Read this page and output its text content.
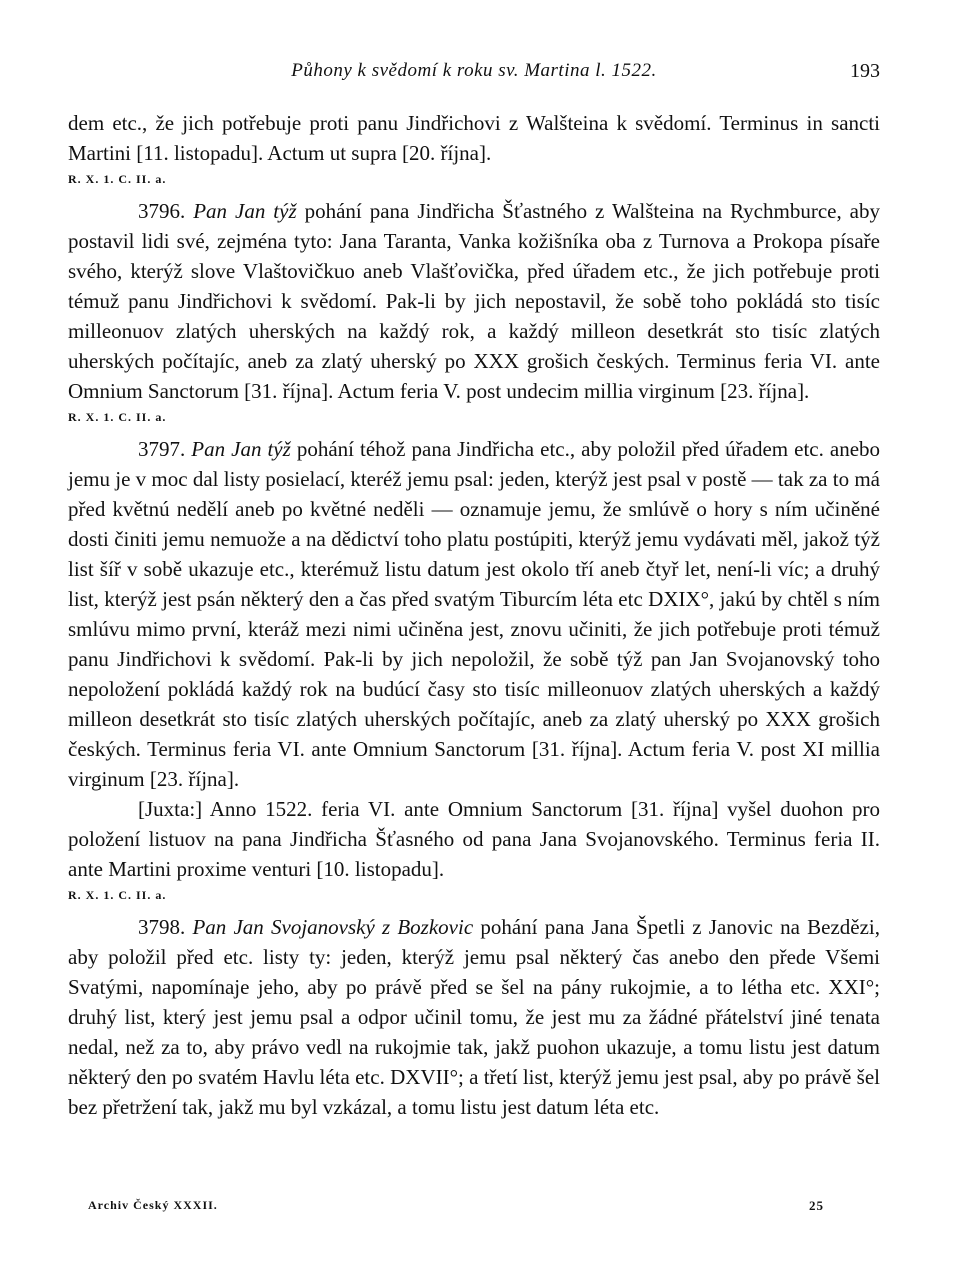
Půhony k svědomí k roku sv. Martina l. 1522.	193

dem etc., že jich potřebuje proti panu Jindřichovi z Walšteina k svědomí. Terminus in sancti Martini [11. listopadu]. Actum ut supra [20. října].

R. X. 1. C. II. a.

3796. Pan Jan týž pohání pana Jindřicha Šťastného z Walšteina na Rychmburce, aby postavil lidi své, zejména tyto: Jana Taranta, Vanka kožišníka oba z Turnova a Prokopa písaře svého, kterýž slove Vlaštovičkuo aneb Vlašťovička, před úřadem etc., že jich potřebuje proti témuž panu Jindřichovi k svědomí. Pak-li by jich nepostavil, že sobě toho pokládá sto tisíc milleonuov zlatých uherských na každý rok, a každý milleon desetkrát sto tisíc zlatých uherských počítajíc, aneb za zlatý uherský po XXX grošich českých. Terminus feria VI. ante Omnium Sanctorum [31. října]. Actum feria V. post undecim millia virginum [23. října].

R. X. 1. C. II. a.

3797. Pan Jan týž pohání téhož pana Jindřicha etc., aby položil před úřadem etc. anebo jemu je v moc dal listy posielací, kteréž jemu psal: jeden, kterýž jest psal v postě — tak za to má před květnú nedělí aneb po květné neděli — oznamuje jemu, že smlúvě o hory s ním učiněné dosti činiti jemu nemuože a na dědictví toho platu postúpiti, kterýž jemu vydávati měl, jakož týž list šíř v sobě ukazuje etc., kterémuž listu datum jest okolo tří aneb čtyř let, není-li víc; a druhý list, kterýž jest psán některý den a čas před svatým Tiburcím léta etc DXIX°, jakú by chtěl s ním smlúvu mimo první, kteráž mezi nimi učiněna jest, znovu učiniti, že jich potřebuje proti témuž panu Jindřichovi k svědomí. Pak-li by jich nepoložil, že sobě týž pan Jan Svojanovský toho nepoložení pokládá každý rok na budúcí časy sto tisíc milleonuov zlatých uherských a každý milleon desetkrát sto tisíc zlatých uherských počítajíc, aneb za zlatý uherský po XXX grošich českých. Terminus feria VI. ante Omnium Sanctorum [31. října]. Actum feria V. post XI millia virginum [23. října].

[Juxta:] Anno 1522. feria VI. ante Omnium Sanctorum [31. října] vyšel duohon pro položení listuov na pana Jindřicha Šťasného od pana Jana Svojanovského. Terminus feria II. ante Martini proxime venturi [10. listopadu].

R. X. 1. C. II. a.

3798. Pan Jan Svojanovský z Bozkovic pohání pana Jana Špetli z Janovic na Bezdězi, aby položil před etc. listy ty: jeden, kterýž jemu psal některý čas anebo den přede Všemi Svatými, napomínaje jeho, aby po právě před se šel na pány rukojmie, a to létha etc. XXI°; druhý list, který jest jemu psal a odpor učinil tomu, že jest mu za žádné přátelství jiné tenata nedal, než za to, aby právo vedl na rukojmie tak, jakž puohon ukazuje, a tomu listu jest datum některý den po svatém Havlu léta etc. DXVII°; a třetí list, kterýž jemu jest psal, aby po právě šel bez přetržení tak, jakž mu byl vzkázal, a tomu listu jest datum léta etc.

Archiv Český XXXII.	25
